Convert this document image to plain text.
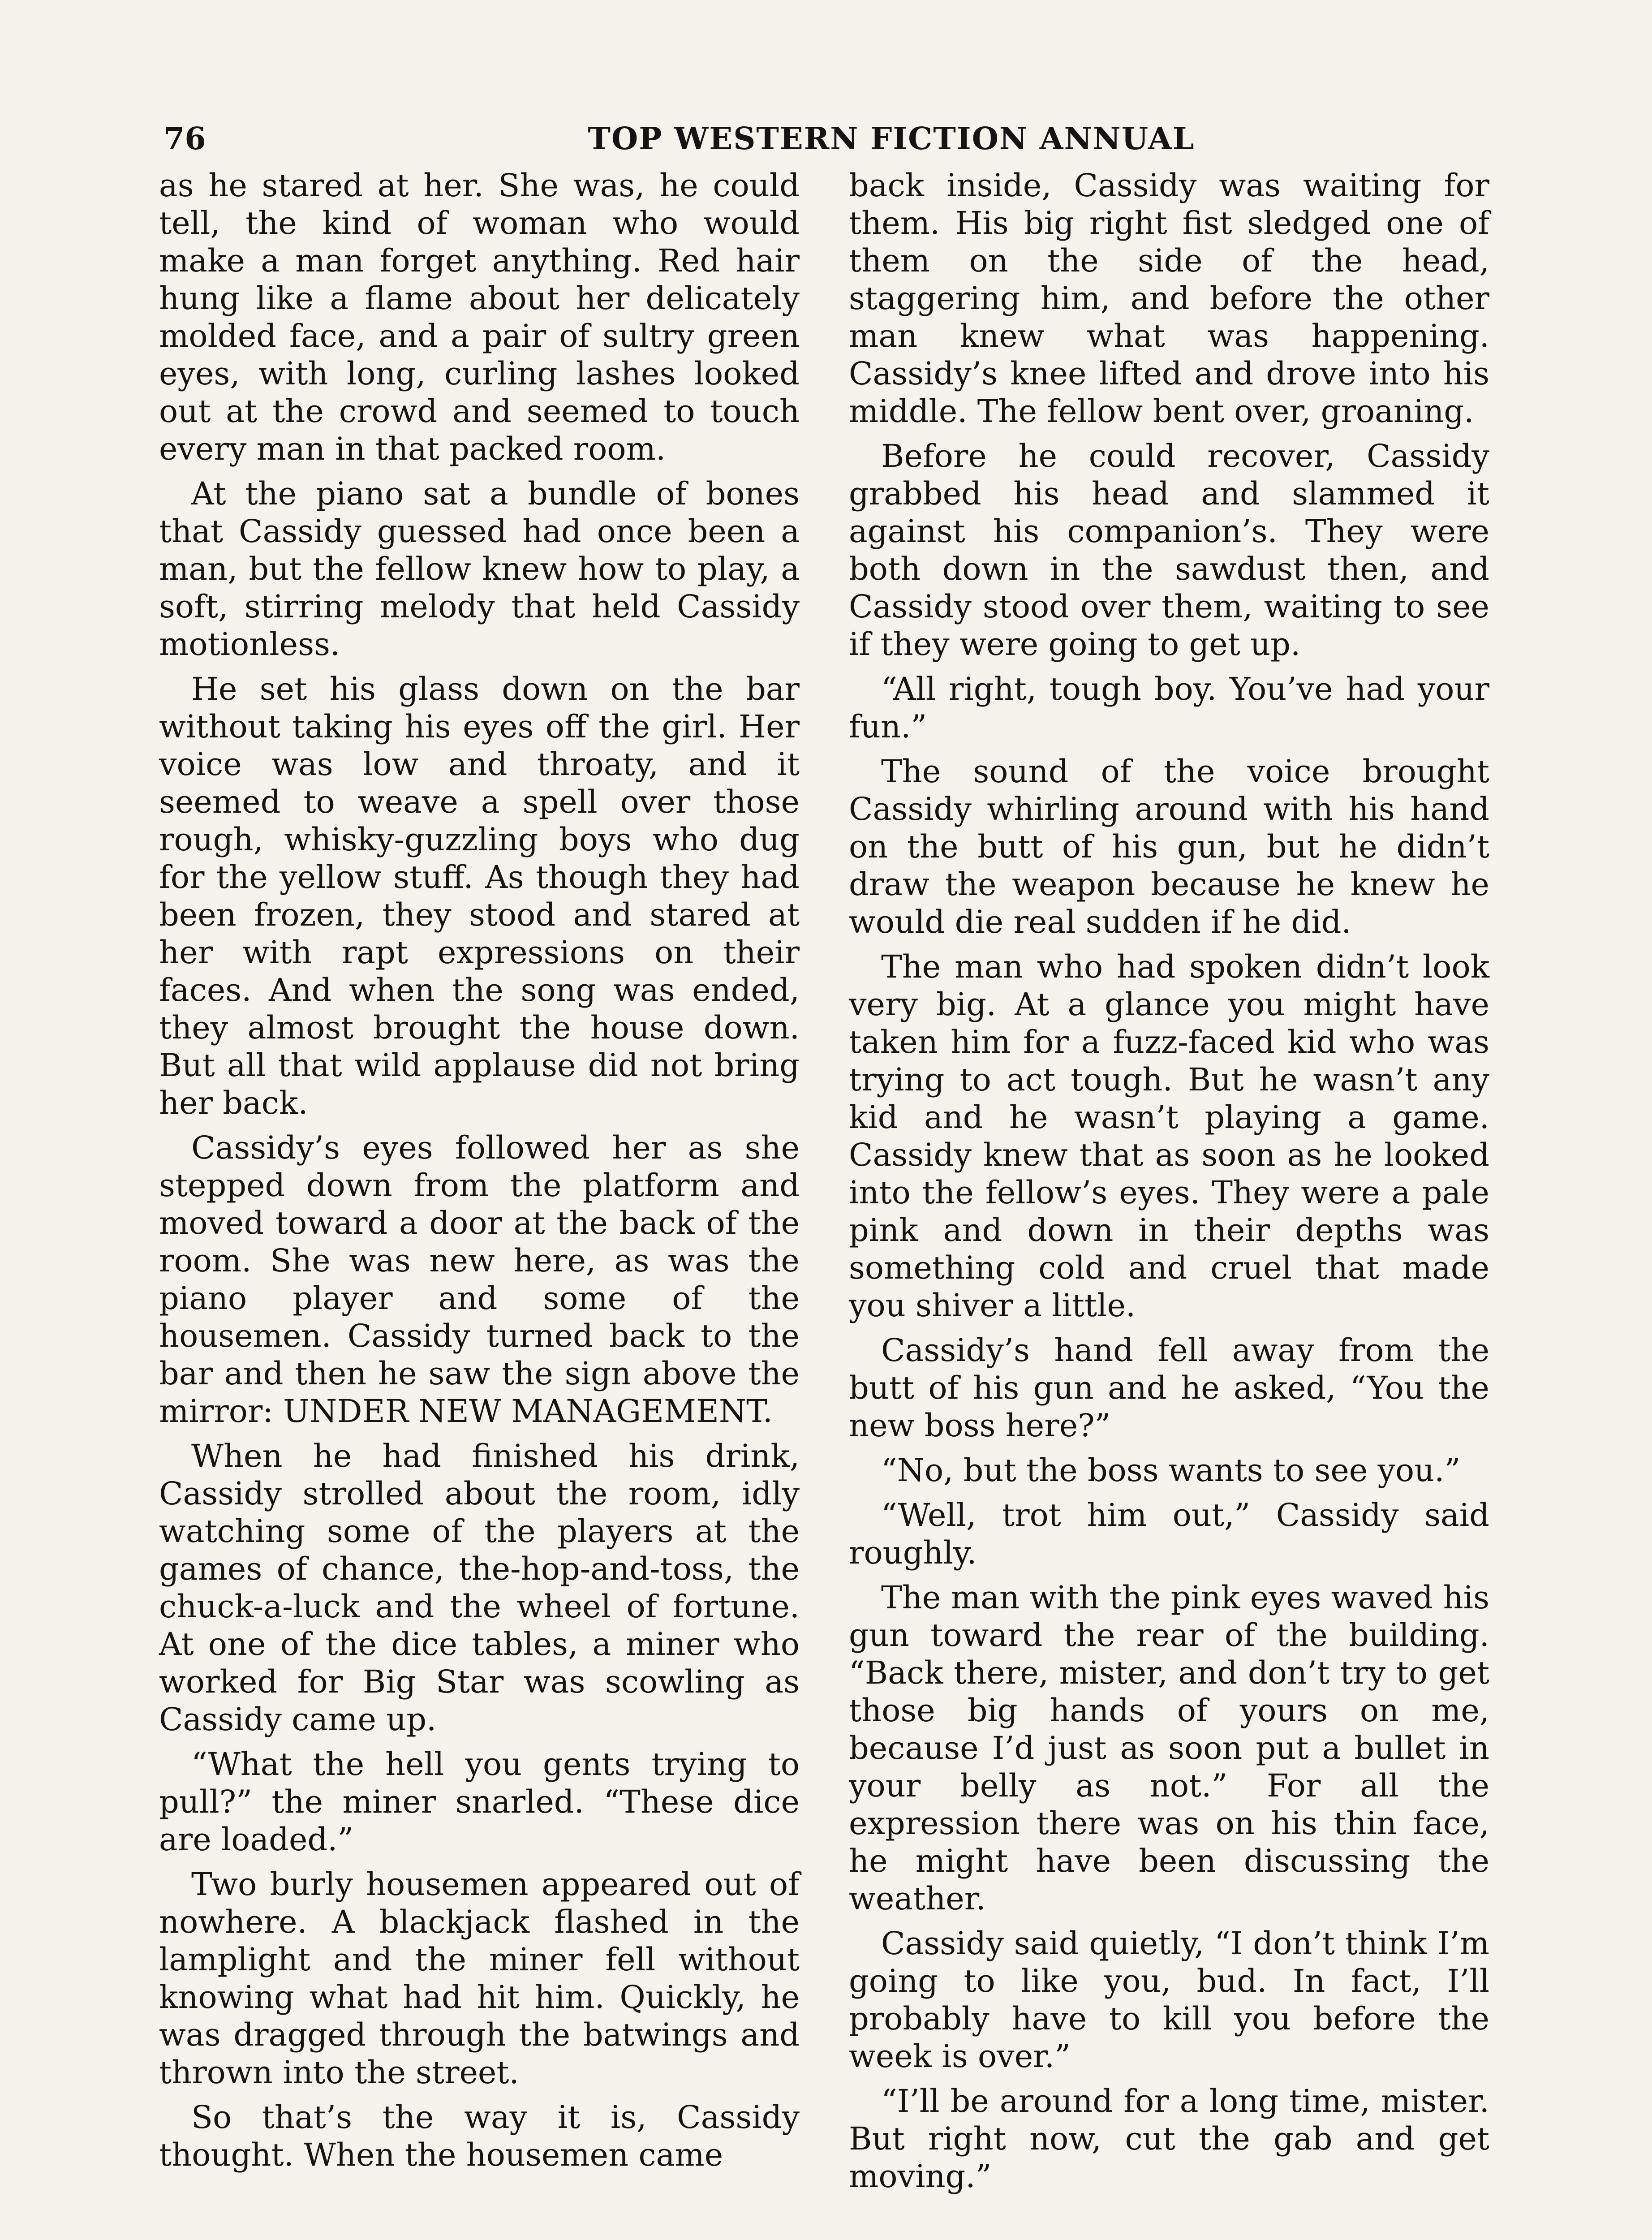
76	TOP WESTERN FICTION ANNUAL

as he stared at her. She was, he could tell, the kind of woman who would make a man forget anything. Red hair hung like a flame about her delicately molded face, and a pair of sultry green eyes, with long, curling lashes looked out at the crowd and seemed to touch every man in that packed room.

At the piano sat a bundle of bones that Cassidy guessed had once been a man, but the fellow knew how to play, a soft, stirring melody that held Cassidy motionless.

He set his glass down on the bar without taking his eyes off the girl. Her voice was low and throaty, and it seemed to weave a spell over those rough, whisky-guzzling boys who dug for the yellow stuff. As though they had been frozen, they stood and stared at her with rapt expressions on their faces. And when the song was ended, they almost brought the house down. But all that wild applause did not bring her back.

Cassidy’s eyes followed her as she stepped down from the platform and moved toward a door at the back of the room. She was new here, as was the piano player and some of the housemen. Cassidy turned back to the bar and then he saw the sign above the mirror: UNDER NEW MANAGEMENT.

When he had finished his drink, Cassidy strolled about the room, idly watching some of the players at the games of chance, the-hop-and-toss, the chuck-a-luck and the wheel of fortune. At one of the dice tables, a miner who worked for Big Star was scowling as Cassidy came up.

“What the hell you gents trying to pull?” the miner snarled. “These dice are loaded.”

Two burly housemen appeared out of nowhere. A blackjack flashed in the lamplight and the miner fell without knowing what had hit him. Quickly, he was dragged through the batwings and thrown into the street.

So that’s the way it is, Cassidy thought. When the housemen came

back inside, Cassidy was waiting for them. His big right fist sledged one of them on the side of the head, staggering him, and before the other man knew what was happening. Cassidy’s knee lifted and drove into his middle. The fellow bent over, groaning.

Before he could recover, Cassidy grabbed his head and slammed it against his companion’s. They were both down in the sawdust then, and Cassidy stood over them, waiting to see if they were going to get up.

“All right, tough boy. You’ve had your fun.”

The sound of the voice brought Cassidy whirling around with his hand on the butt of his gun, but he didn’t draw the weapon because he knew he would die real sudden if he did.

The man who had spoken didn’t look very big. At a glance you might have taken him for a fuzz-faced kid who was trying to act tough. But he wasn’t any kid and he wasn’t playing a game. Cassidy knew that as soon as he looked into the fellow’s eyes. They were a pale pink and down in their depths was something cold and cruel that made you shiver a little.

Cassidy’s hand fell away from the butt of his gun and he asked, “You the new boss here?”

“No, but the boss wants to see you.”

“Well, trot him out,” Cassidy said roughly.

The man with the pink eyes waved his gun toward the rear of the building. “Back there, mister, and don’t try to get those big hands of yours on me, because I’d just as soon put a bullet in your belly as not.” For all the expression there was on his thin face, he might have been discussing the weather.

Cassidy said quietly, “I don’t think I’m going to like you, bud. In fact, I’ll probably have to kill you before the week is over.”

“I’ll be around for a long time, mister. But right now, cut the gab and get moving.”
